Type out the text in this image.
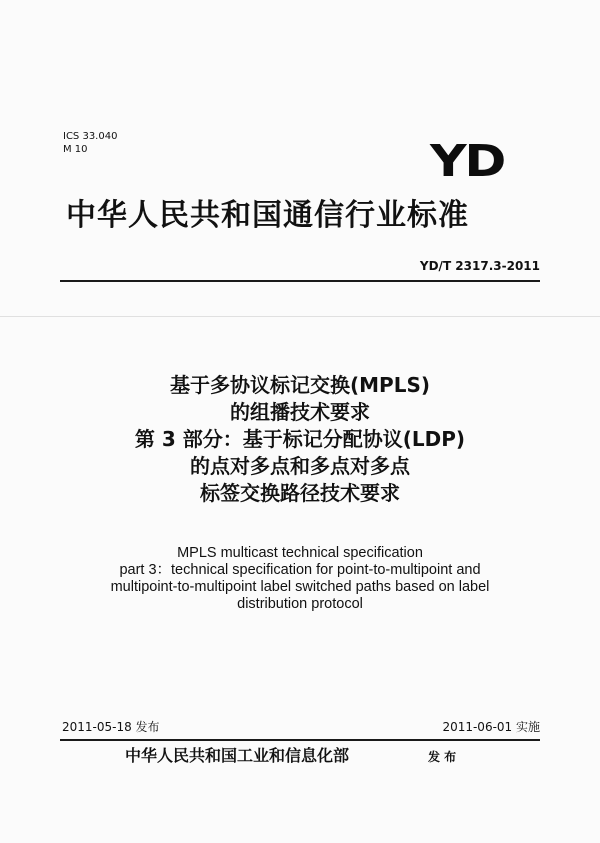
ICS 33.040
M 10	YD
中华人民共和国通信行业标准
YD/T 2317.3-2011
基于多协议标记交换(MPLS)
的组播技术要求
第 3 部分：基于标记分配协议(LDP)
的点对多点和多点对多点
标签交换路径技术要求
MPLS multicast technical specification
part 3：technical specification for point-to-multipoint and
multipoint-to-multipoint label switched paths based on label
distribution protocol
2011-05-18 发布	2011-06-01 实施
中华人民共和国工业和信息化部	发 布
